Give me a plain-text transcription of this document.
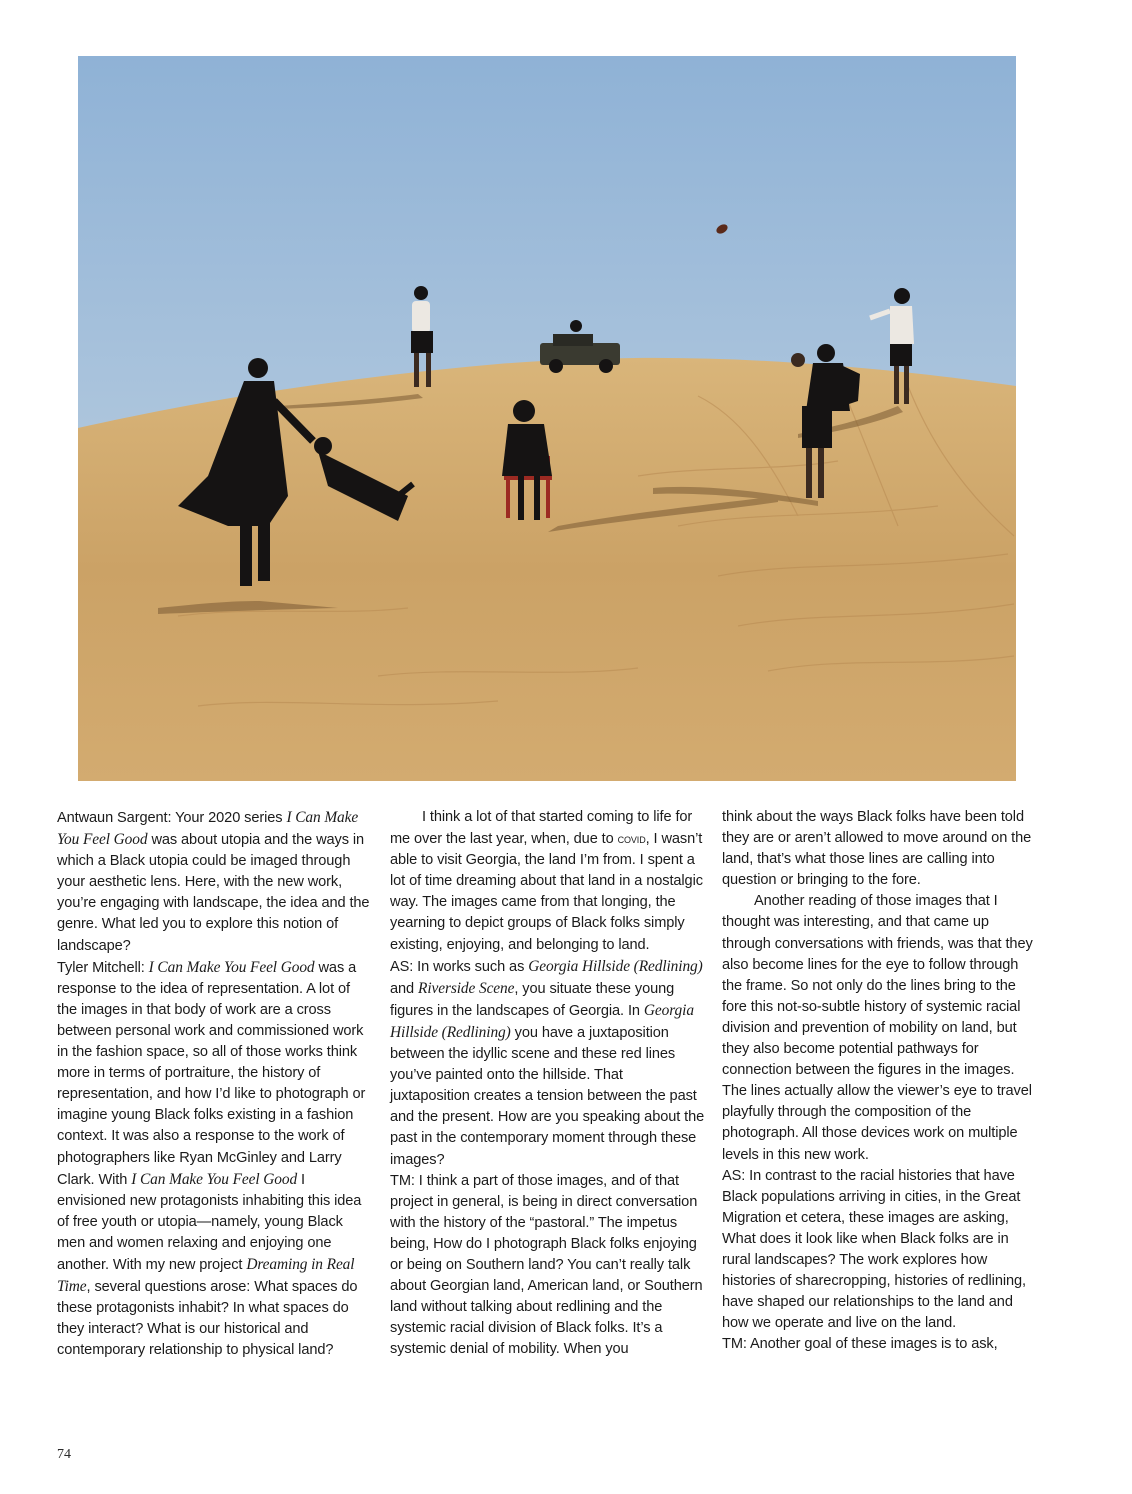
Antwaun Sargent: Your 2020 series I Can Make You Feel Good was about utopia and the ways in which a Black utopia could be imaged through your aesthetic lens. Here, with the new work, you’re engaging with landscape, the idea and the genre. What led you to explore this notion of landscape?

Tyler Mitchell: I Can Make You Feel Good was a response to the idea of representation. A lot of the images in that body of work are a cross between personal work and commissioned work in the fashion space, so all of those works think more in terms of portraiture, the history of representation, and how I’d like to photograph or imagine young Black folks existing in a fashion context. It was also a response to the work of photographers like Ryan McGinley and Larry Clark. With I Can Make You Feel Good I envisioned new protagonists inhabiting this idea of free youth or utopia—namely, young Black men and women relaxing and enjoying one another. With my new project Dreaming in Real Time, several questions arose: What spaces do these protagonists inhabit? In what spaces do they interact? What is our historical and contemporary relationship to physical land?

I think a lot of that started coming to life for me over the last year, when, due to covid, I wasn’t able to visit Georgia, the land I’m from. I spent a lot of time dreaming about that land in a nostalgic way. The images came from that longing, the yearning to depict groups of Black folks simply existing, enjoying, and belonging to land.

AS: In works such as Georgia Hillside (Redlining) and Riverside Scene, you situate these young figures in the landscapes of Georgia. In Georgia Hillside (Redlining) you have a juxtaposition between the idyllic scene and these red lines you’ve painted onto the hillside. That juxtaposition creates a tension between the past and the present. How are you speaking about the past in the contemporary moment through these images?

TM: I think a part of those images, and of that project in general, is being in direct conversation with the history of the “pastoral.” The impetus being, How do I photograph Black folks enjoying or being on Southern land? You can’t really talk about Georgian land, American land, or Southern land without talking about redlining and the systemic racial division of Black folks. It’s a systemic denial of mobility. When you

think about the ways Black folks have been told they are or aren’t allowed to move around on the land, that’s what those lines are calling into question or bringing to the fore.

Another reading of those images that I thought was interesting, and that came up through conversations with friends, was that they also become lines for the eye to follow through the frame. So not only do the lines bring to the fore this not-so-subtle history of systemic racial division and prevention of mobility on land, but they also become potential pathways for connection between the figures in the images. The lines actually allow the viewer’s eye to travel playfully through the composition of the photograph. All those devices work on multiple levels in this new work.

AS: In contrast to the racial histories that have Black populations arriving in cities, in the Great Migration et cetera, these images are asking, What does it look like when Black folks are in rural landscapes? The work explores how histories of sharecropping, histories of redlining, have shaped our relationships to the land and how we operate and live on the land.

TM: Another goal of these images is to ask,

74
